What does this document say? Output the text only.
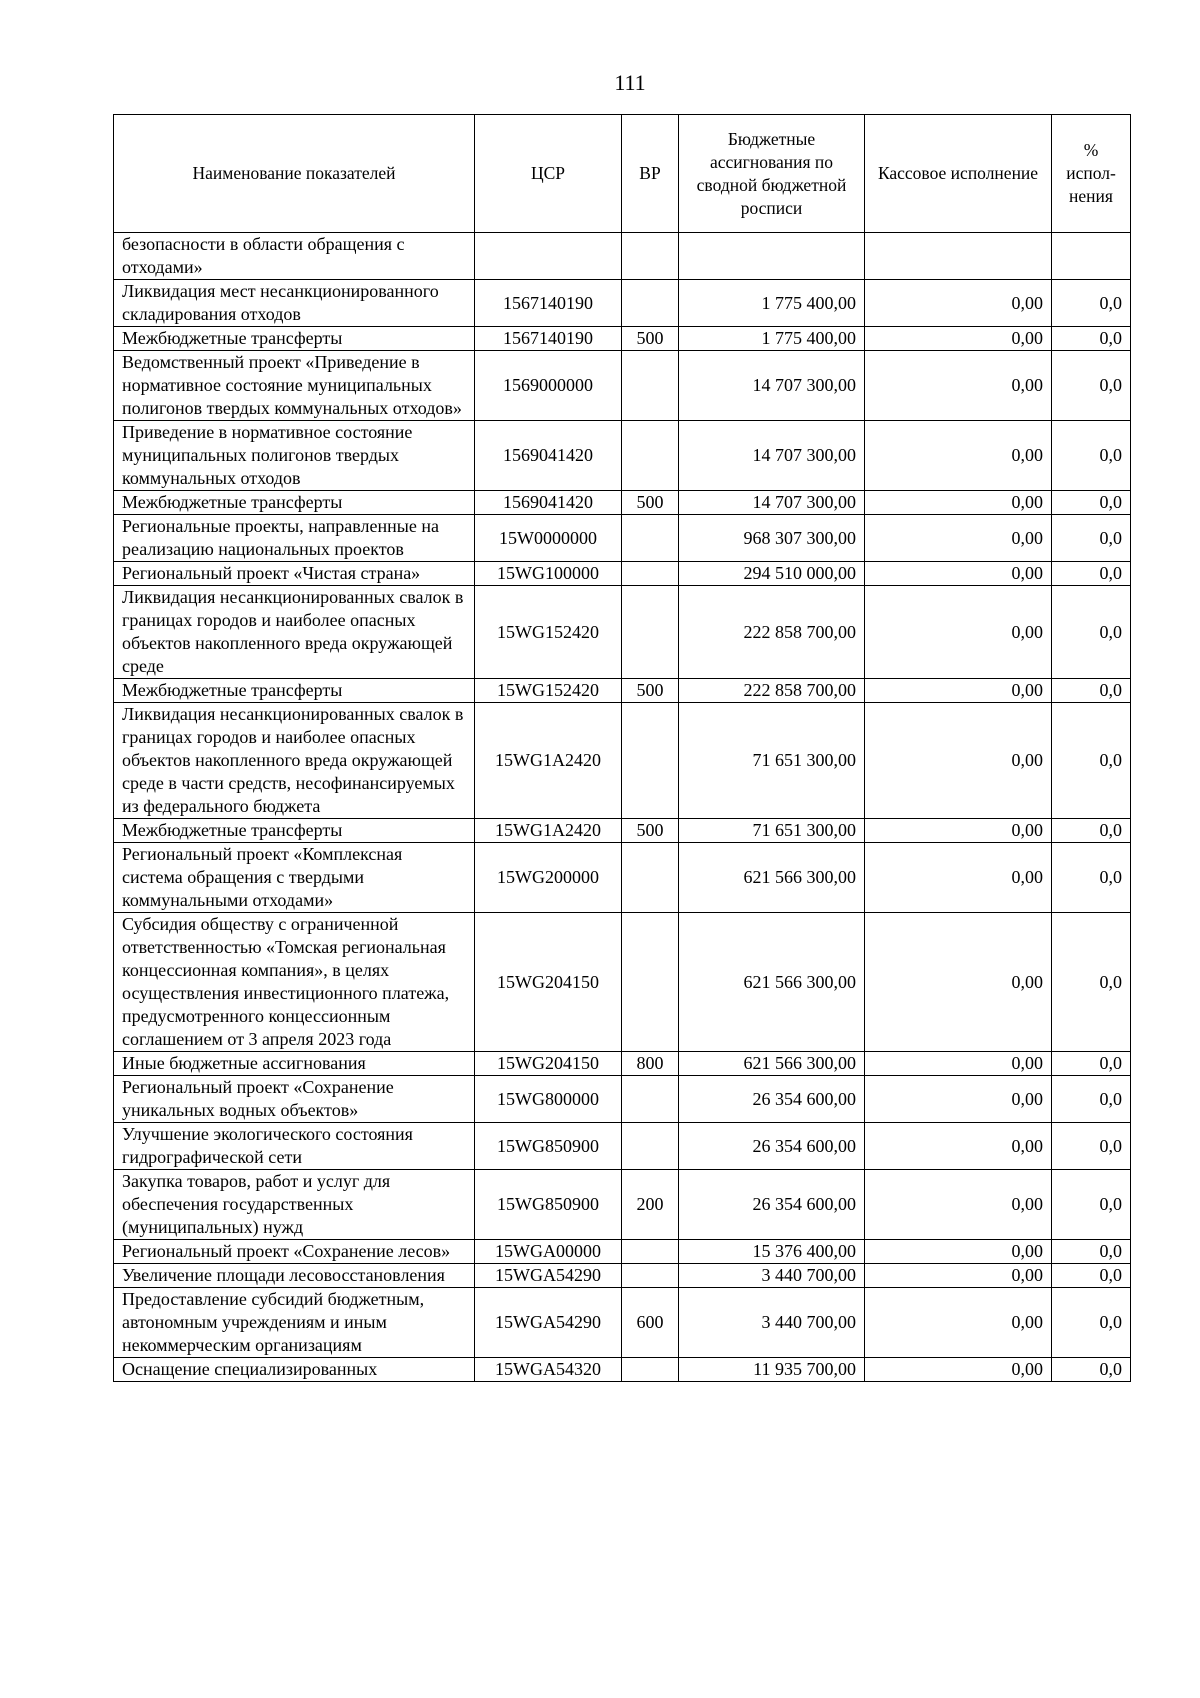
111
Наименование показателей	ЦСР	ВР	Бюджетные ассигнования по сводной бюджетной росписи	Кассовое исполнение	% испол-нения
безопасности в области обращения с отходами»					
Ликвидация мест несанкционированного складирования отходов	1567140190		1 775 400,00	0,00	0,0
Межбюджетные трансферты	1567140190	500	1 775 400,00	0,00	0,0
Ведомственный проект «Приведение в нормативное состояние муниципальных полигонов твердых коммунальных отходов»	1569000000		14 707 300,00	0,00	0,0
Приведение в нормативное состояние муниципальных полигонов твердых коммунальных отходов	1569041420		14 707 300,00	0,00	0,0
Межбюджетные трансферты	1569041420	500	14 707 300,00	0,00	0,0
Региональные проекты, направленные на реализацию национальных проектов	15W0000000		968 307 300,00	0,00	0,0
Региональный проект «Чистая страна»	15WG100000		294 510 000,00	0,00	0,0
Ликвидация несанкционированных свалок в границах городов и наиболее опасных объектов накопленного вреда окружающей среде	15WG152420		222 858 700,00	0,00	0,0
Межбюджетные трансферты	15WG152420	500	222 858 700,00	0,00	0,0
Ликвидация несанкционированных свалок в границах городов и наиболее опасных объектов накопленного вреда окружающей среде в части средств, несофинансируемых из федерального бюджета	15WG1A2420		71 651 300,00	0,00	0,0
Межбюджетные трансферты	15WG1A2420	500	71 651 300,00	0,00	0,0
Региональный проект «Комплексная система обращения с твердыми коммунальными отходами»	15WG200000		621 566 300,00	0,00	0,0
Субсидия обществу с ограниченной ответственностью «Томская региональная концессионная компания», в целях осуществления инвестиционного платежа, предусмотренного концессионным соглашением от 3 апреля 2023 года	15WG204150		621 566 300,00	0,00	0,0
Иные бюджетные ассигнования	15WG204150	800	621 566 300,00	0,00	0,0
Региональный проект «Сохранение уникальных водных объектов»	15WG800000		26 354 600,00	0,00	0,0
Улучшение экологического состояния гидрографической сети	15WG850900		26 354 600,00	0,00	0,0
Закупка товаров, работ и услуг для обеспечения государственных (муниципальных) нужд	15WG850900	200	26 354 600,00	0,00	0,0
Региональный проект «Сохранение лесов»	15WGA00000		15 376 400,00	0,00	0,0
Увеличение площади лесовосстановления	15WGA54290		3 440 700,00	0,00	0,0
Предоставление субсидий бюджетным, автономным учреждениям и иным некоммерческим организациям	15WGA54290	600	3 440 700,00	0,00	0,0
Оснащение специализированных	15WGA54320		11 935 700,00	0,00	0,0
